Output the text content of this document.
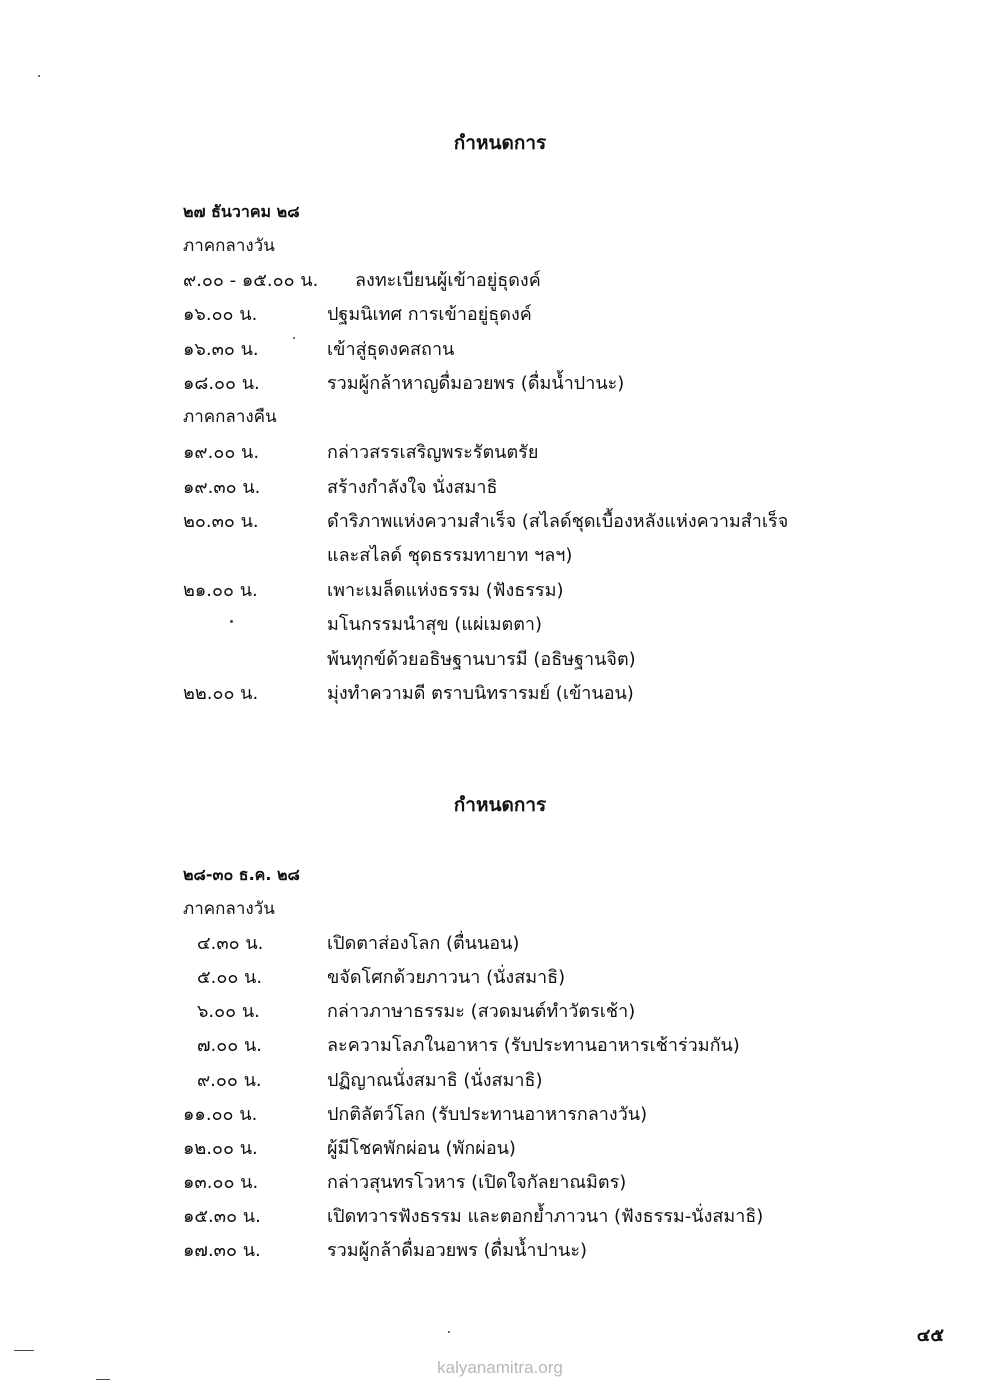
กำหนดการ
๒๗ ธันวาคม ๒๘
ภาคกลางวัน
๙.๐๐ - ๑๕.๐๐ น. ลงทะเบียนผู้เข้าอยู่ธุดงค์
๑๖.๐๐ น.	ปฐมนิเทศ การเข้าอยู่ธุดงค์
๑๖.๓๐ น.	เข้าสู่ธุดงคสถาน
๑๘.๐๐ น.	รวมผู้กล้าหาญดื่มอวยพร (ดื่มน้ำปานะ)
ภาคกลางคืน
๑๙.๐๐ น.	กล่าวสรรเสริญพระรัตนตรัย
๑๙.๓๐ น.	สร้างกำลังใจ นั่งสมาธิ
๒๐.๓๐ น.	ดำริภาพแห่งความสำเร็จ (สไลด์ชุดเบื้องหลังแห่งความสำเร็จ
และสไลด์ ชุดธรรมทายาท ฯลฯ)
๒๑.๐๐ น.	เพาะเมล็ดแห่งธรรม (ฟังธรรม)
มโนกรรมนำสุข (แผ่เมตตา)
พ้นทุกข์ด้วยอธิษฐานบารมี (อธิษฐานจิต)
๒๒.๐๐ น.	มุ่งทำความดี ตราบนิทรารมย์ (เข้านอน)
กำหนดการ
๒๘-๓๐ ธ.ค. ๒๘
ภาคกลางวัน
๔.๓๐ น.	เปิดตาส่องโลก (ตื่นนอน)
๕.๐๐ น.	ขจัดโศกด้วยภาวนา (นั่งสมาธิ)
๖.๐๐ น.	กล่าวภาษาธรรมะ (สวดมนต์ทำวัตรเช้า)
๗.๐๐ น.	ละความโลภในอาหาร (รับประทานอาหารเช้าร่วมกัน)
๙.๐๐ น.	ปฏิญาณนั่งสมาธิ (นั่งสมาธิ)
๑๑.๐๐ น.	ปกติลัตว์โลก (รับประทานอาหารกลางวัน)
๑๒.๐๐ น.	ผู้มีโชคพักผ่อน (พักผ่อน)
๑๓.๐๐ น.	กล่าวสุนทรโวหาร (เปิดใจกัลยาณมิตร)
๑๕.๓๐ น.	เปิดทวารฟังธรรม และตอกย้ำภาวนา (ฟังธรรม-นั่งสมาธิ)
๑๗.๓๐ น.	รวมผู้กล้าดื่มอวยพร (ดื่มน้ำปานะ)
๔๕
kalyanamitra.org
